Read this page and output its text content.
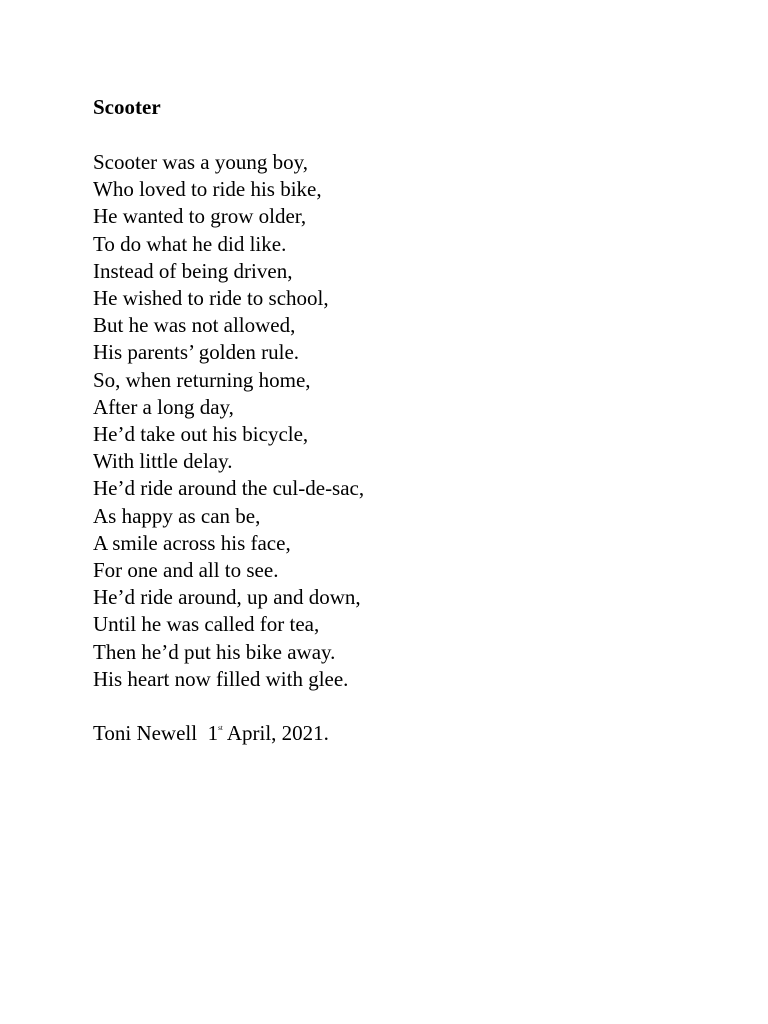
Scooter
Scooter was a young boy,
Who loved to ride his bike,
He wanted to grow older,
To do what he did like.
Instead of being driven,
He wished to ride to school,
But he was not allowed,
His parents’ golden rule.
So, when returning home,
After a long day,
He’d take out his bicycle,
With little delay.
He’d ride around the cul-de-sac,
As happy as can be,
A smile across his face,
For one and all to see.
He’d ride around, up and down,
Until he was called for tea,
Then he’d put his bike away.
His heart now filled with glee.
Toni Newell 1st April, 2021.
